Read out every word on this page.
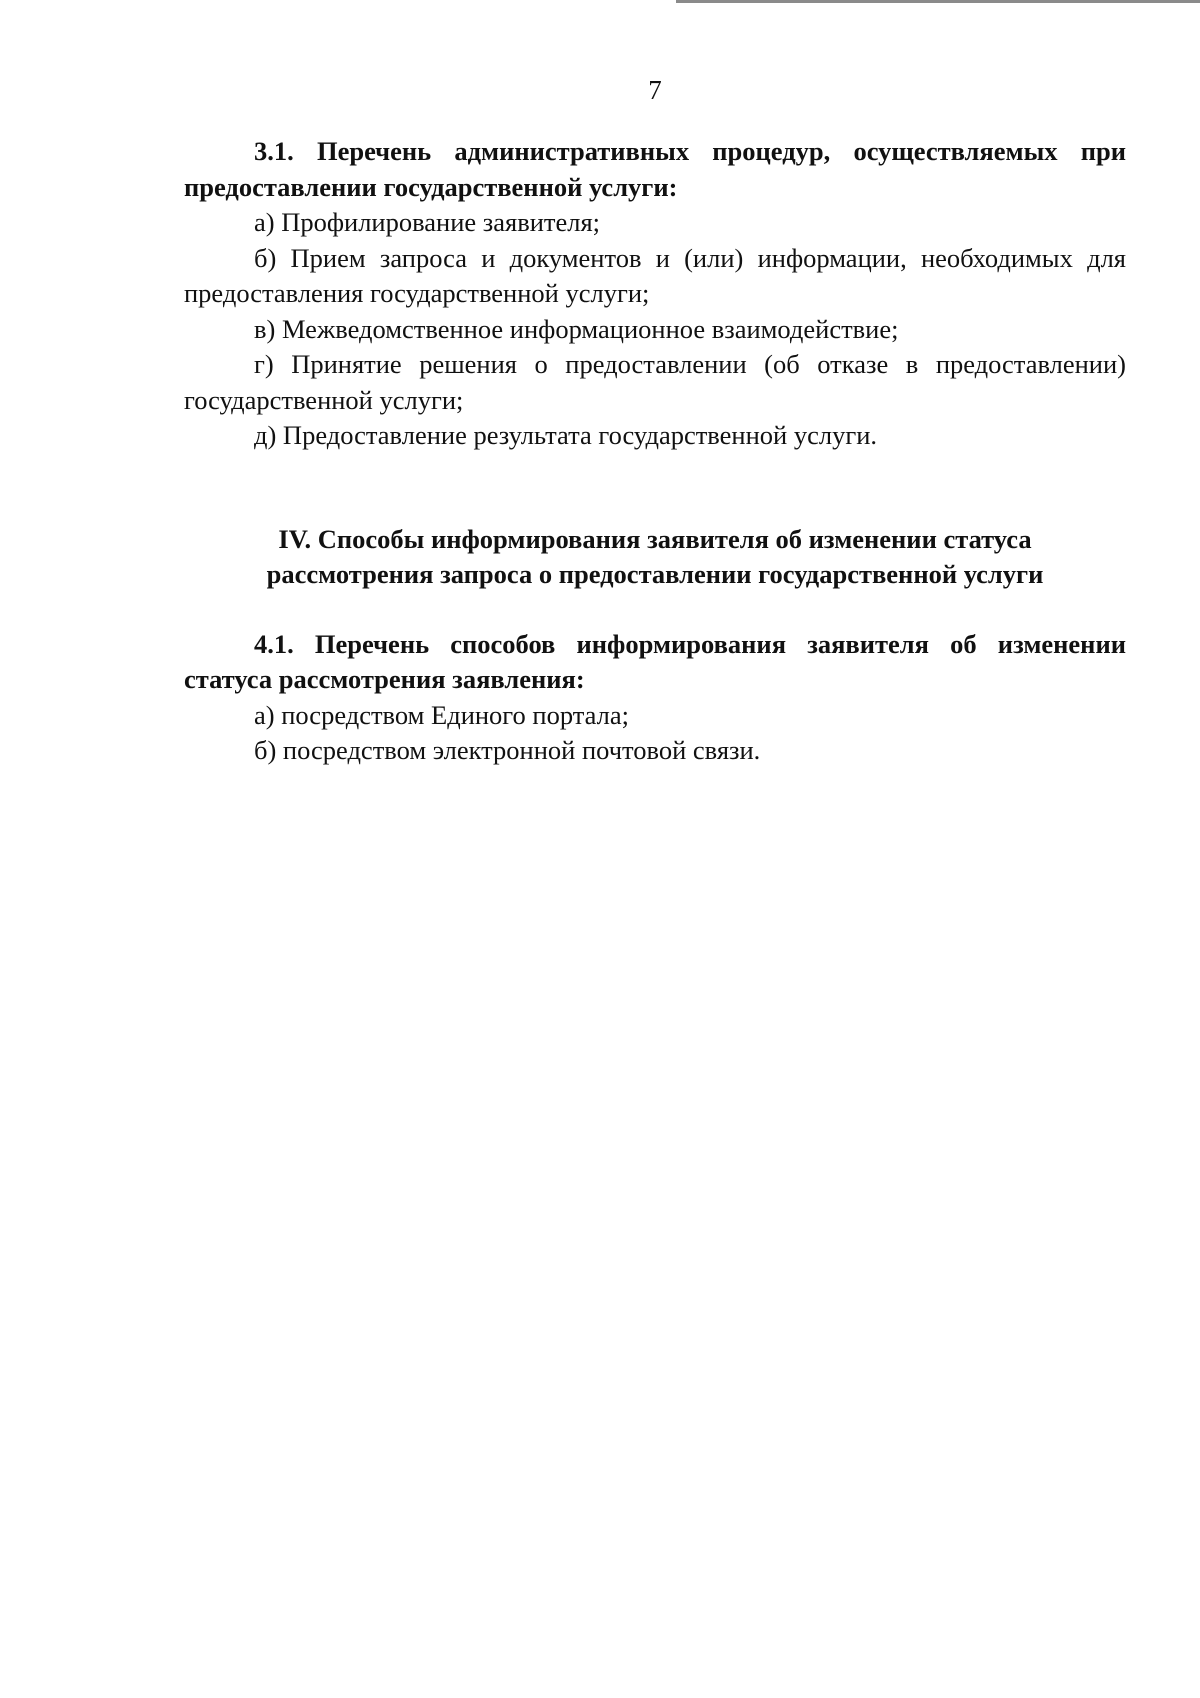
7

3.1. Перечень административных процедур, осуществляемых при предоставлении государственной услуги:

а) Профилирование заявителя;

б) Прием запроса и документов и (или) информации, необходимых для предоставления государственной услуги;

в) Межведомственное информационное взаимодействие;

г) Принятие решения о предоставлении (об отказе в предоставлении) государственной услуги;

д) Предоставление результата государственной услуги.

IV. Способы информирования заявителя об изменении статуса

рассмотрения запроса о предоставлении государственной услуги

4.1. Перечень способов информирования заявителя об изменении статуса рассмотрения заявления:

а) посредством Единого портала;

б) посредством электронной почтовой связи.
